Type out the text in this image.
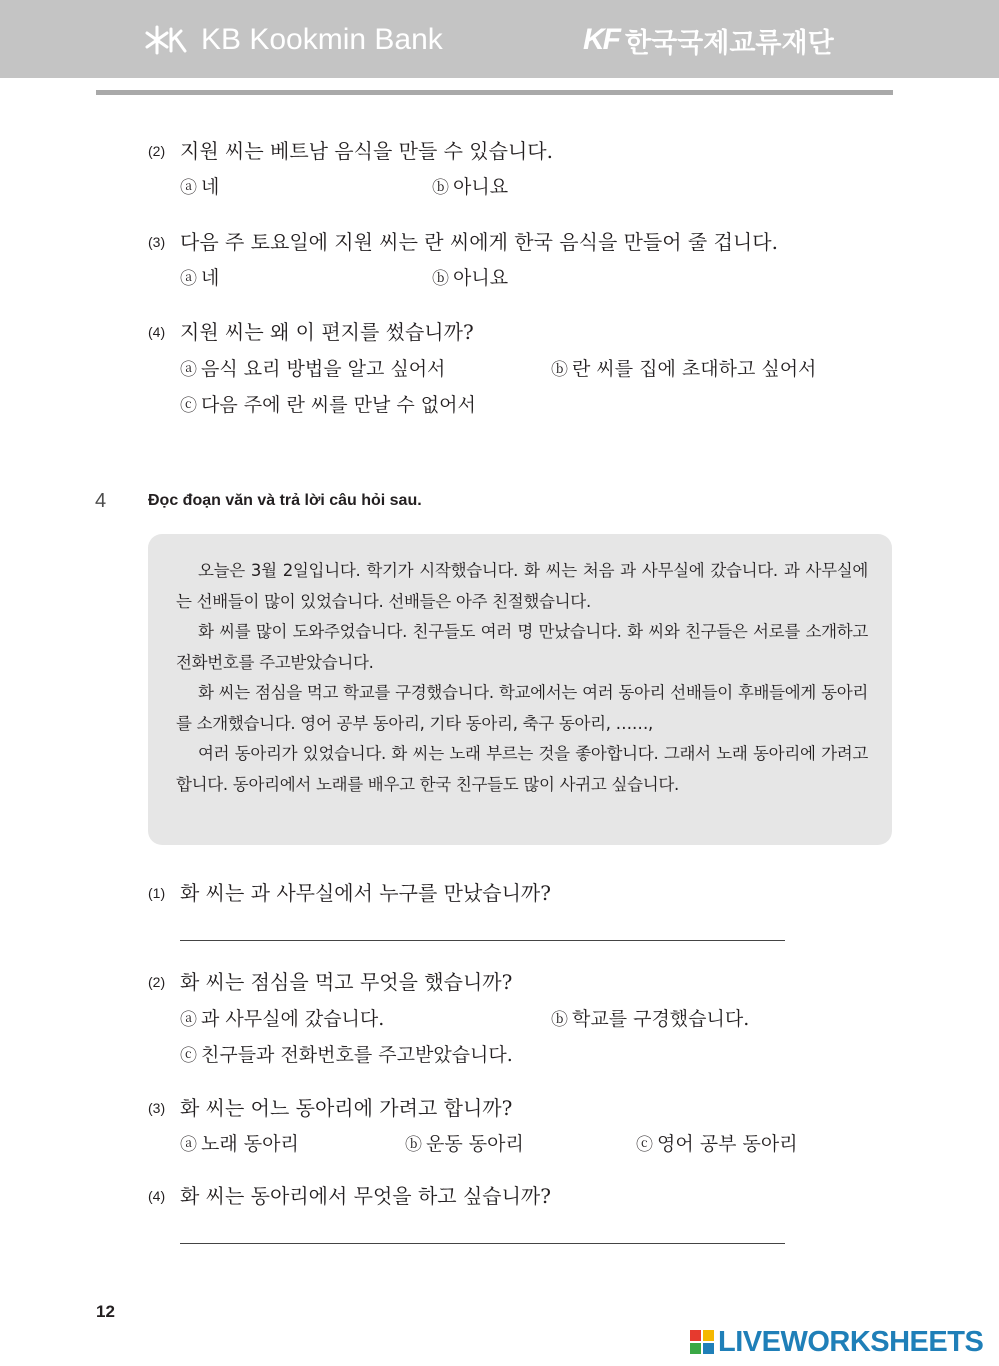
KB Kookmin Bank	KF 한국국제교류재단
(2) 지원 씨는 베트남 음식을 만들 수 있습니다.
ⓐ 네	ⓑ 아니요
(3) 다음 주 토요일에 지원 씨는 란 씨에게 한국 음식을 만들어 줄 겁니다.
ⓐ 네	ⓑ 아니요
(4) 지원 씨는 왜 이 편지를 썼습니까?
ⓐ 음식 요리 방법을 알고 싶어서	ⓑ 란 씨를 집에 초대하고 싶어서
ⓒ 다음 주에 란 씨를 만날 수 없어서
4	Đọc đoạn văn và trả lời câu hỏi sau.

오늘은 3월 2일입니다. 학기가 시작했습니다. 화 씨는 처음 과 사무실에 갔습니다. 과 사무실에는 선배들이 많이 있었습니다. 선배들은 아주 친절했습니다.

화 씨를 많이 도와주었습니다. 친구들도 여러 명 만났습니다. 화 씨와 친구들은 서로를 소개하고 전화번호를 주고받았습니다.

화 씨는 점심을 먹고 학교를 구경했습니다. 학교에서는 여러 동아리 선배들이 후배들에게 동아리를 소개했습니다. 영어 공부 동아리, 기타 동아리, 축구 동아리, ……,

여러 동아리가 있었습니다. 화 씨는 노래 부르는 것을 좋아합니다. 그래서 노래 동아리에 가려고 합니다. 동아리에서 노래를 배우고 한국 친구들도 많이 사귀고 싶습니다.

(1) 화 씨는 과 사무실에서 누구를 만났습니까?
(2) 화 씨는 점심을 먹고 무엇을 했습니까?
ⓐ 과 사무실에 갔습니다.	ⓑ 학교를 구경했습니다.
ⓒ 친구들과 전화번호를 주고받았습니다.
(3) 화 씨는 어느 동아리에 가려고 합니까?
ⓐ 노래 동아리	ⓑ 운동 동아리	ⓒ 영어 공부 동아리
(4) 화 씨는 동아리에서 무엇을 하고 싶습니까?
12
LIVEWORKSHEETS
